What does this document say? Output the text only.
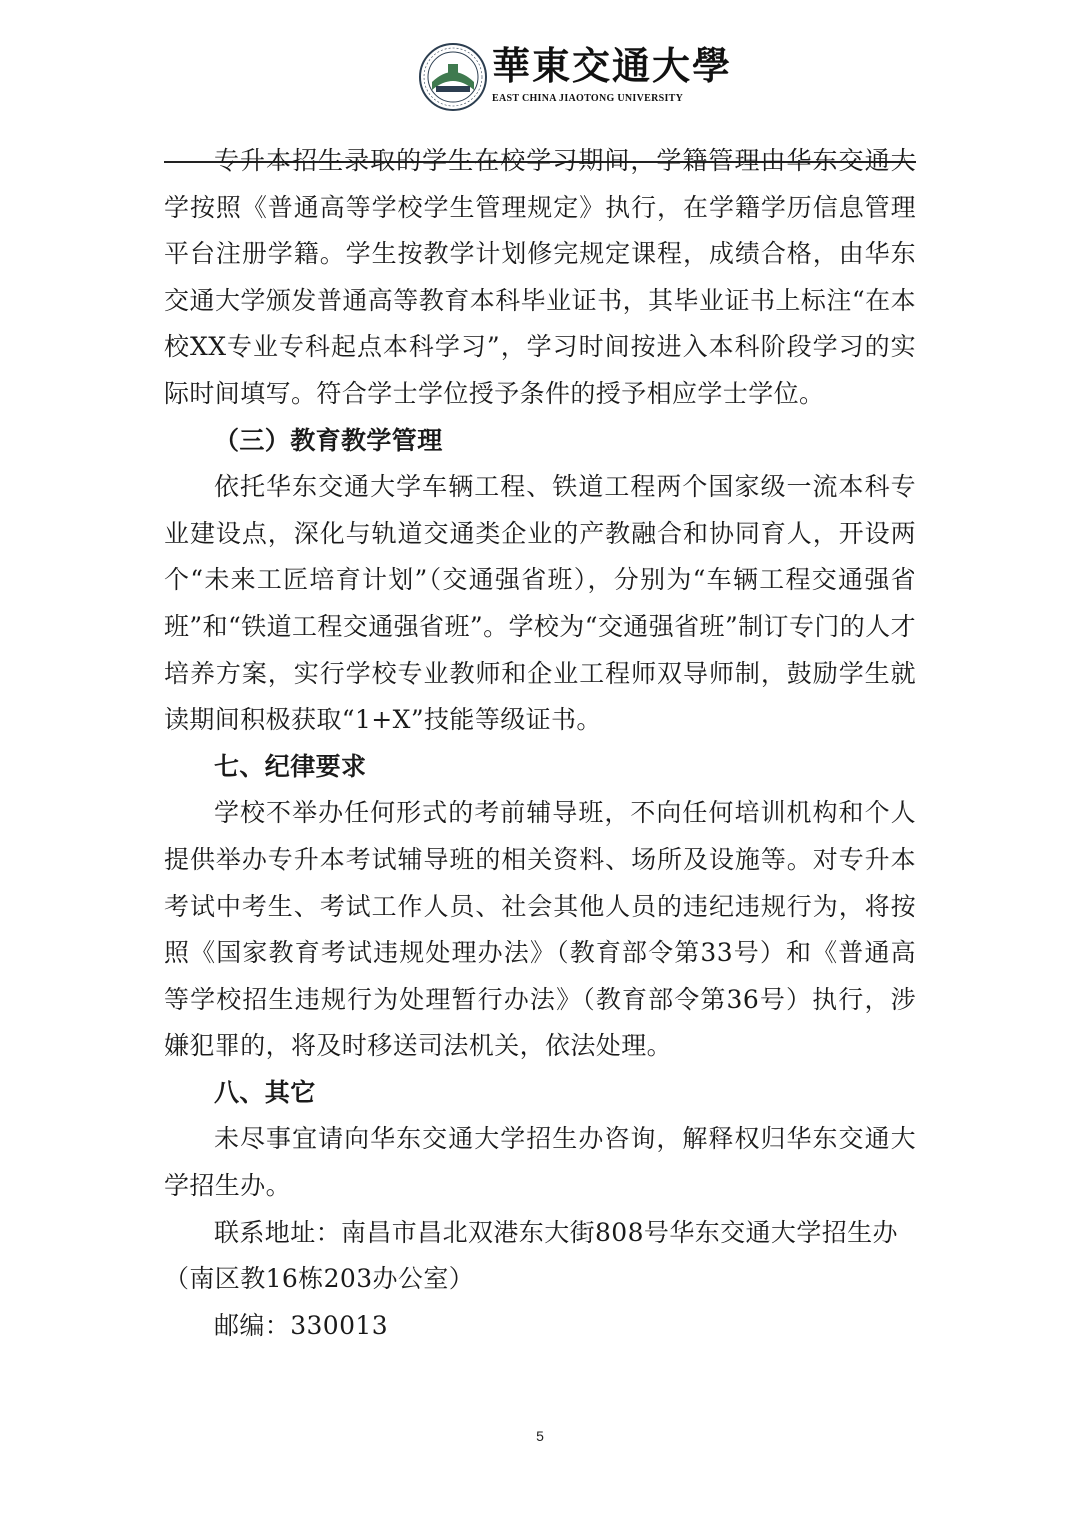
華東交通大學
EAST CHINA JIAOTONG UNIVERSITY

专升本招生录取的学生在校学习期间，学籍管理由华东交通大学按照《普通高等学校学生管理规定》执行，在学籍学历信息管理平台注册学籍。学生按教学计划修完规定课程，成绩合格，由华东交通大学颁发普通高等教育本科毕业证书，其毕业证书上标注“在本校XX专业专科起点本科学习”，学习时间按进入本科阶段学习的实际时间填写。符合学士学位授予条件的授予相应学士学位。

（三）教育教学管理

依托华东交通大学车辆工程、铁道工程两个国家级一流本科专业建设点，深化与轨道交通类企业的产教融合和协同育人，开设两个“未来工匠培育计划”（交通强省班），分别为“车辆工程交通强省班”和“铁道工程交通强省班”。学校为“交通强省班”制订专门的人才培养方案，实行学校专业教师和企业工程师双导师制，鼓励学生就读期间积极获取“1+X”技能等级证书。

七、纪律要求

学校不举办任何形式的考前辅导班，不向任何培训机构和个人提供举办专升本考试辅导班的相关资料、场所及设施等。对专升本考试中考生、考试工作人员、社会其他人员的违纪违规行为，将按照《国家教育考试违规处理办法》（教育部令第33号）和《普通高等学校招生违规行为处理暂行办法》（教育部令第36号）执行，涉嫌犯罪的，将及时移送司法机关，依法处理。

八、其它

未尽事宜请向华东交通大学招生办咨询，解释权归华东交通大学招生办。

联系地址：南昌市昌北双港东大街808号华东交通大学招生办

（南区教16栋203办公室）

邮编：330013

5
